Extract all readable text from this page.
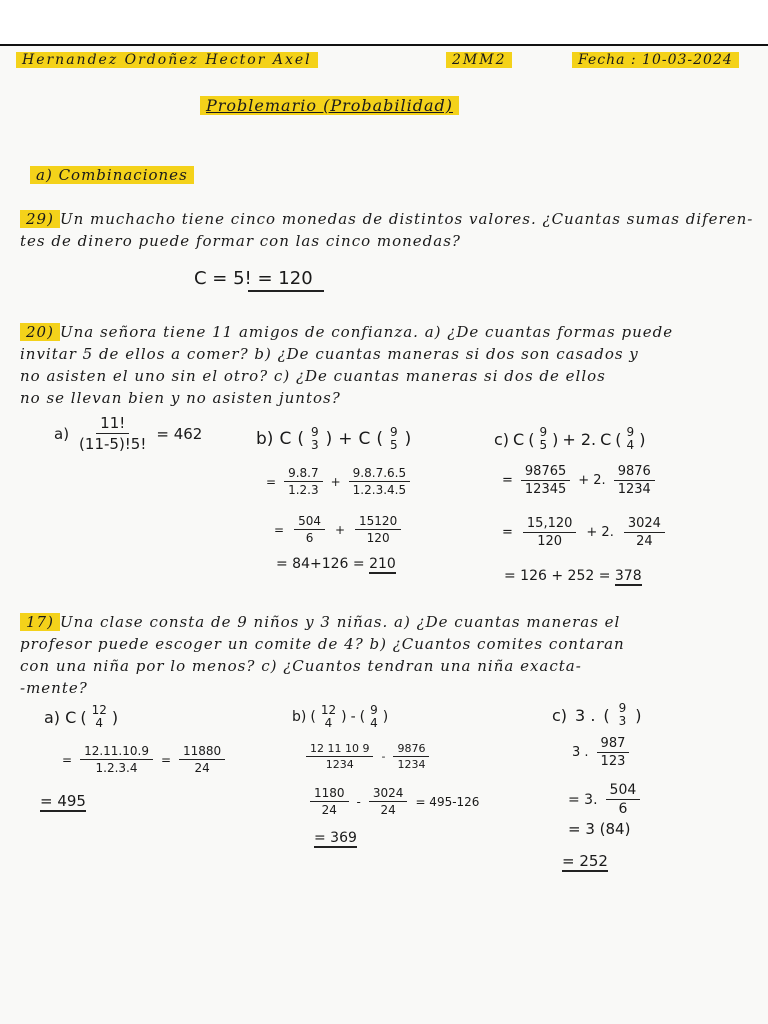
Hernandez Ordoñez Hector Axel	2MM2	Fecha : 10-03-2024
Problemario (Probabilidad)
a) Combinaciones
29) Un muchacho tiene cinco monedas de distintos valores. ¿Cuantas sumas diferen-
tes de dinero puede formar con las cinco monedas?
C = 5! = 120
20) Una señora tiene 11 amigos de confianza. a) ¿De cuantas formas puede
invitar 5 de ellos a comer? b) ¿De cuantas maneras si dos son casados y
no asisten el uno sin el otro? c) ¿De cuantas maneras si dos de ellos
no se llevan bien y no asisten juntos?
$a) \frac{11!}{(11-5)!5!} = 462$	b) C ( 9
3 ) + C ( 9
5 )
= $\frac{9.8.7}{1.2.3} + \frac{9.8.7.6.5}{1.2.3.4.5}$
= $\frac{504}{6} + \frac{15120}{120}$
= 84+126 = 210
c) C ( 9
5 ) + 2. C ( 9
4 )
= $\frac{98765}{12345} + 2$. $\frac{9876}{1234}$
= $\frac{15,120}{120} + 2$. $\frac{3024}{24}$
= 126 + 252 = 378
17) Una clase consta de 9 niños y 3 niñas. a) ¿De cuantas maneras el
profesor puede escoger un comite de 4? b) ¿Cuantos comites contaran
con una niña por lo menos? c) ¿Cuantos tendran una niña exacta-
-mente?
a) C ( 12
4 )
= $\frac{12.11.10.9}{1.2.3.4} = \frac{11880}{24}$
= 495
b) ( 12
4 ) - ( 9
4 )
$\frac{12 11 10 9}{1234} - \frac{9876}{1234}$
$\frac{1180}{24} - \frac{3024}{24} = 495-126$
= 369
c) 3 . ( 9
3 )
3 . $\frac{987}{123}$
= 3. $\frac{504}{6}$
= 3 (84)
= 252
